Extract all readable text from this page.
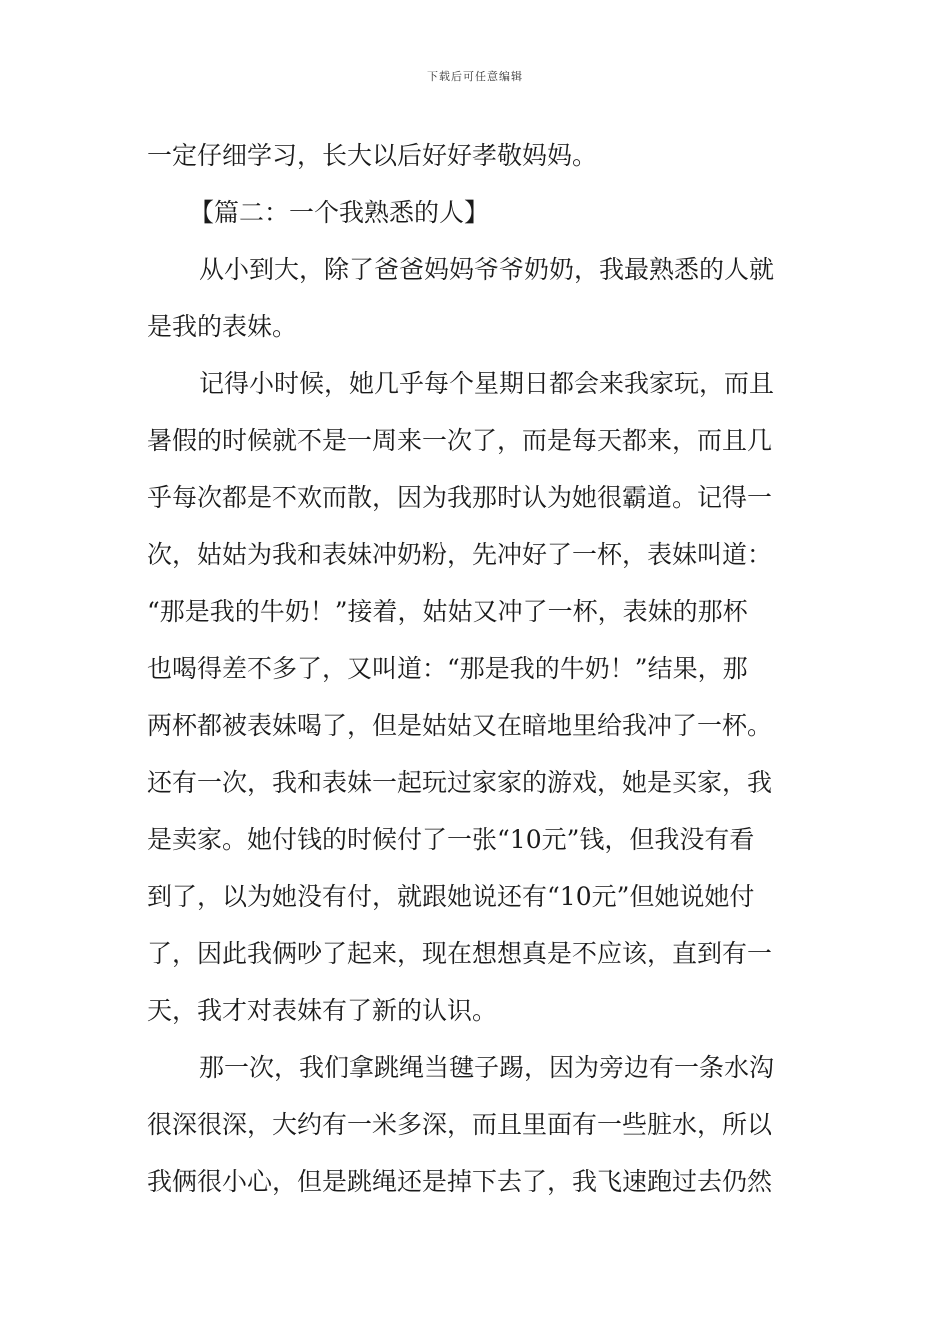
下载后可任意编辑
一定仔细学习，长大以后好好孝敬妈妈。
【篇二：一个我熟悉的人】
从小到大，除了爸爸妈妈爷爷奶奶，我最熟悉的人就
是我的表妹。
记得小时候，她几乎每个星期日都会来我家玩，而且
暑假的时候就不是一周来一次了，而是每天都来，而且几
乎每次都是不欢而散，因为我那时认为她很霸道。记得一
次，姑姑为我和表妹冲奶粉，先冲好了一杯，表妹叫道：
“那是我的牛奶！”接着，姑姑又冲了一杯，表妹的那杯
也喝得差不多了，又叫道：“那是我的牛奶！”结果，那
两杯都被表妹喝了，但是姑姑又在暗地里给我冲了一杯。
还有一次，我和表妹一起玩过家家的游戏，她是买家，我
是卖家。她付钱的时候付了一张“10元”钱，但我没有看
到了，以为她没有付，就跟她说还有“10元”但她说她付
了，因此我俩吵了起来，现在想想真是不应该，直到有一
天，我才对表妹有了新的认识。
那一次，我们拿跳绳当毽子踢，因为旁边有一条水沟
很深很深，大约有一米多深，而且里面有一些脏水，所以
我俩很小心，但是跳绳还是掉下去了，我飞速跑过去仍然
